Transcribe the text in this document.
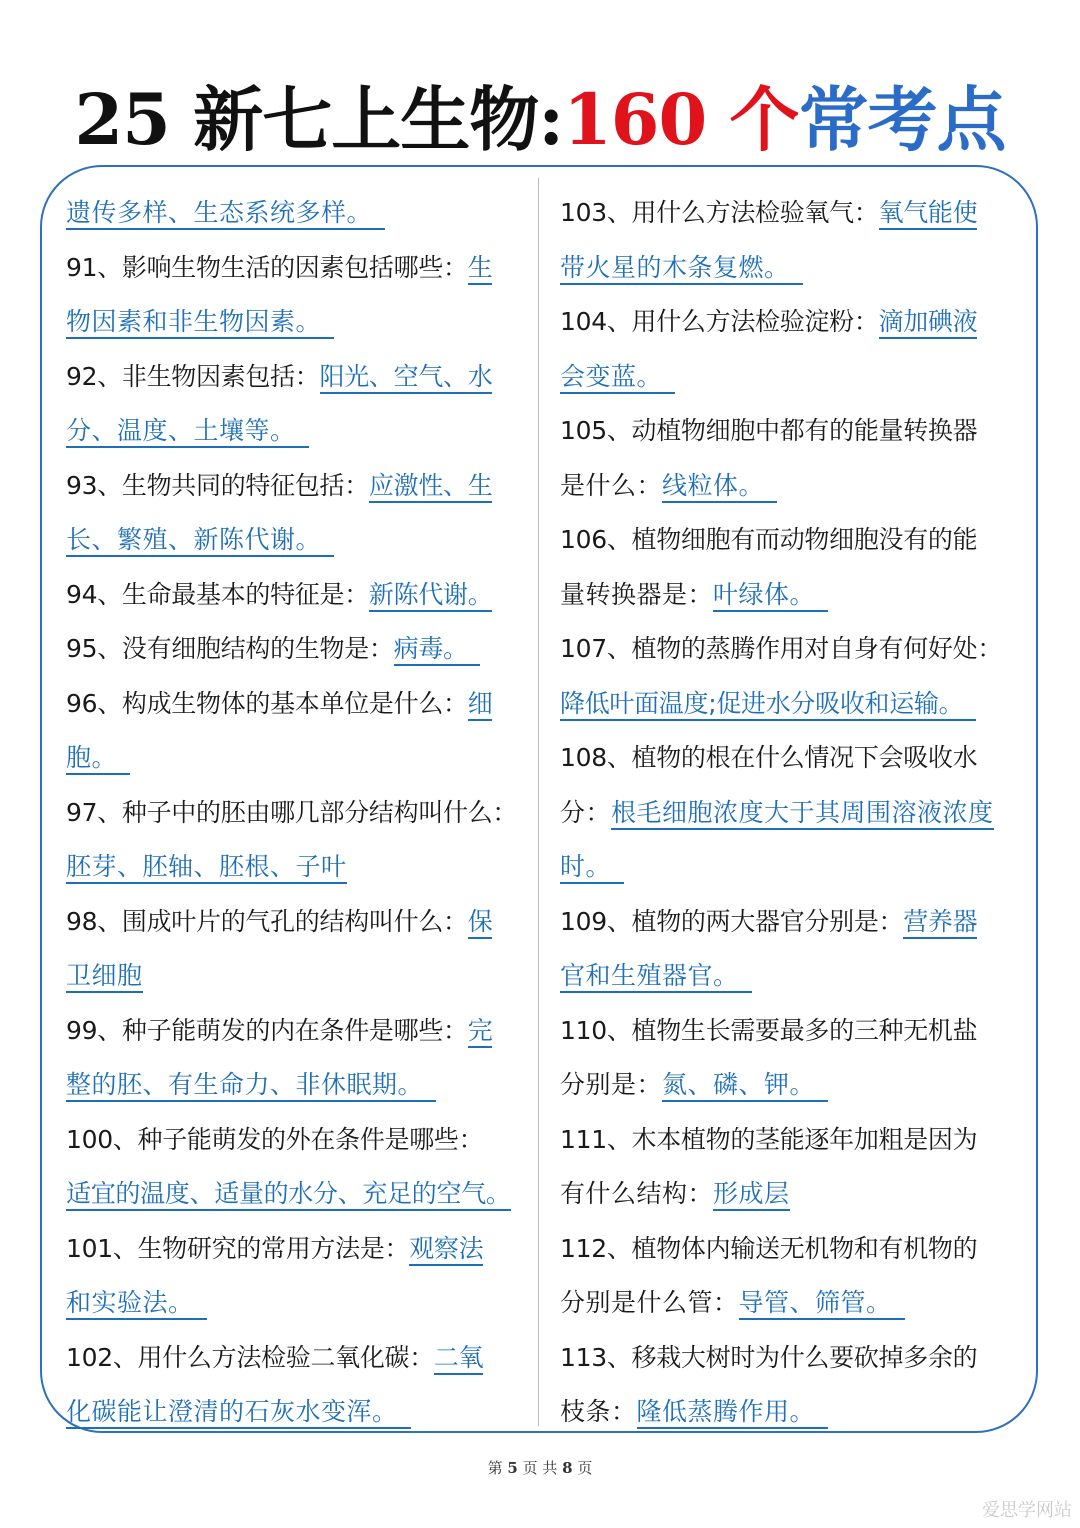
25 新七上生物:160 个常考点
遗传多样、生态系统多样。　
91、影响生物生活的因素包括哪些：生
物因素和非生物因素。　
92、非生物因素包括：阳光、空气、水
分、温度、土壤等。　
93、生物共同的特征包括：应激性、生
长、繁殖、新陈代谢。　
94、生命最基本的特征是：新陈代谢。
95、没有细胞结构的生物是：病毒。　
96、构成生物体的基本单位是什么：细
胞。　
97、种子中的胚由哪几部分结构叫什么：
胚芽、胚轴、胚根、子叶
98、围成叶片的气孔的结构叫什么：保
卫细胞
99、种子能萌发的内在条件是哪些：完
整的胚、有生命力、非休眠期。　
100、种子能萌发的外在条件是哪些：
适宜的温度、适量的水分、充足的空气。
101、生物研究的常用方法是：观察法
和实验法。　
102、用什么方法检验二氧化碳：二氧
化碳能让澄清的石灰水变浑。　
103、用什么方法检验氧气：氧气能使
带火星的木条复燃。　
104、用什么方法检验淀粉：滴加碘液
会变蓝。　
105、动植物细胞中都有的能量转换器
是什么：线粒体。　
106、植物细胞有而动物细胞没有的能
量转换器是：叶绿体。　
107、植物的蒸腾作用对自身有何好处：
降低叶面温度;促进水分吸收和运输。　
108、植物的根在什么情况下会吸收水
分：根毛细胞浓度大于其周围溶液浓度
时。　
109、植物的两大器官分别是：营养器
官和生殖器官。　
110、植物生长需要最多的三种无机盐
分别是：氮、磷、钾。　
111、木本植物的茎能逐年加粗是因为
有什么结构：形成层
112、植物体内输送无机物和有机物的
分别是什么管：导管、筛管。　
113、移栽大树时为什么要砍掉多余的
枝条：隆低蒸腾作用。　
第 5 页 共 8 页
爱思学网站
